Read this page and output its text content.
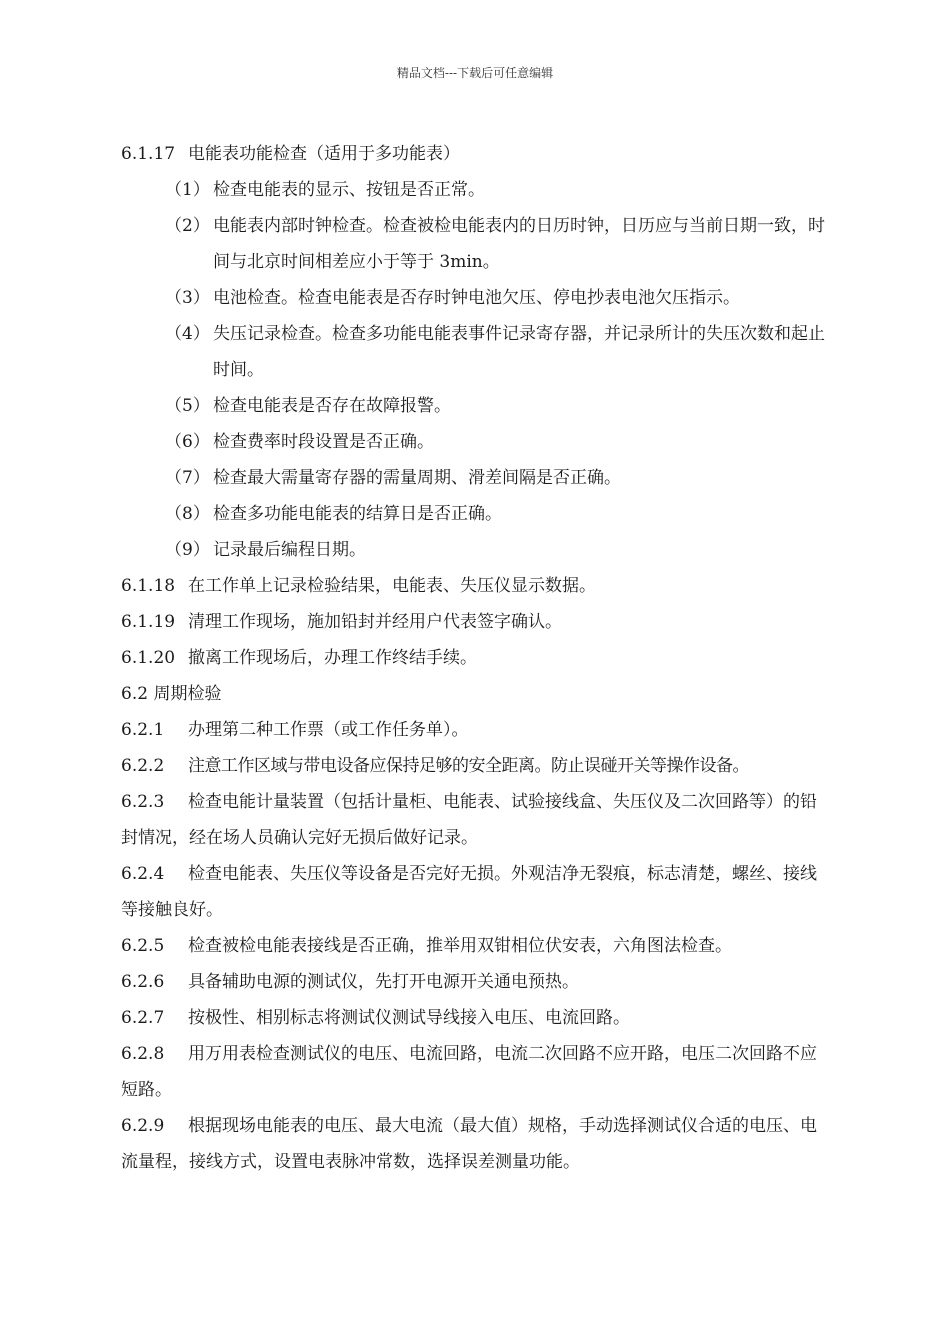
精品文档---下载后可任意编辑
6.1.17 电能表功能检查（适用于多功能表）
（1） 检查电能表的显示、按钮是否正常。
（2） 电能表内部时钟检查。检查被检电能表内的日历时钟，日历应与当前日期一致，时间与北京时间相差应小于等于 3min。
（3） 电池检查。检查电能表是否存时钟电池欠压、停电抄表电池欠压指示。
（4） 失压记录检查。检查多功能电能表事件记录寄存器，并记录所计的失压次数和起止时间。
（5） 检查电能表是否存在故障报警。
（6） 检查费率时段设置是否正确。
（7） 检查最大需量寄存器的需量周期、滑差间隔是否正确。
（8） 检查多功能电能表的结算日是否正确。
（9） 记录最后编程日期。
6.1.18 在工作单上记录检验结果，电能表、失压仪显示数据。
6.1.19 清理工作现场，施加铅封并经用户代表签字确认。
6.1.20 撤离工作现场后，办理工作终结手续。
6.2 周期检验
6.2.1	办理第二种工作票（或工作任务单）。
6.2.2	注意工作区域与带电设备应保持足够的安全距离。防止误碰开关等操作设备。
6.2.3 检查电能计量装置（包括计量柜、电能表、试验接线盒、失压仪及二次回路等）的铅封情况，经在场人员确认完好无损后做好记录。
6.2.4 检查电能表、失压仪等设备是否完好无损。外观洁净无裂痕，标志清楚，螺丝、接线等接触良好。
6.2.5	检查被检电能表接线是否正确，推举用双钳相位伏安表，六角图法检查。
6.2.6	具备辅助电源的测试仪，先打开电源开关通电预热。
6.2.7	按极性、相别标志将测试仪测试导线接入电压、电流回路。
6.2.8 用万用表检查测试仪的电压、电流回路，电流二次回路不应开路，电压二次回路不应短路。
6.2.9 根据现场电能表的电压、最大电流（最大值）规格，手动选择测试仪合适的电压、电流量程，接线方式，设置电表脉冲常数，选择误差测量功能。
